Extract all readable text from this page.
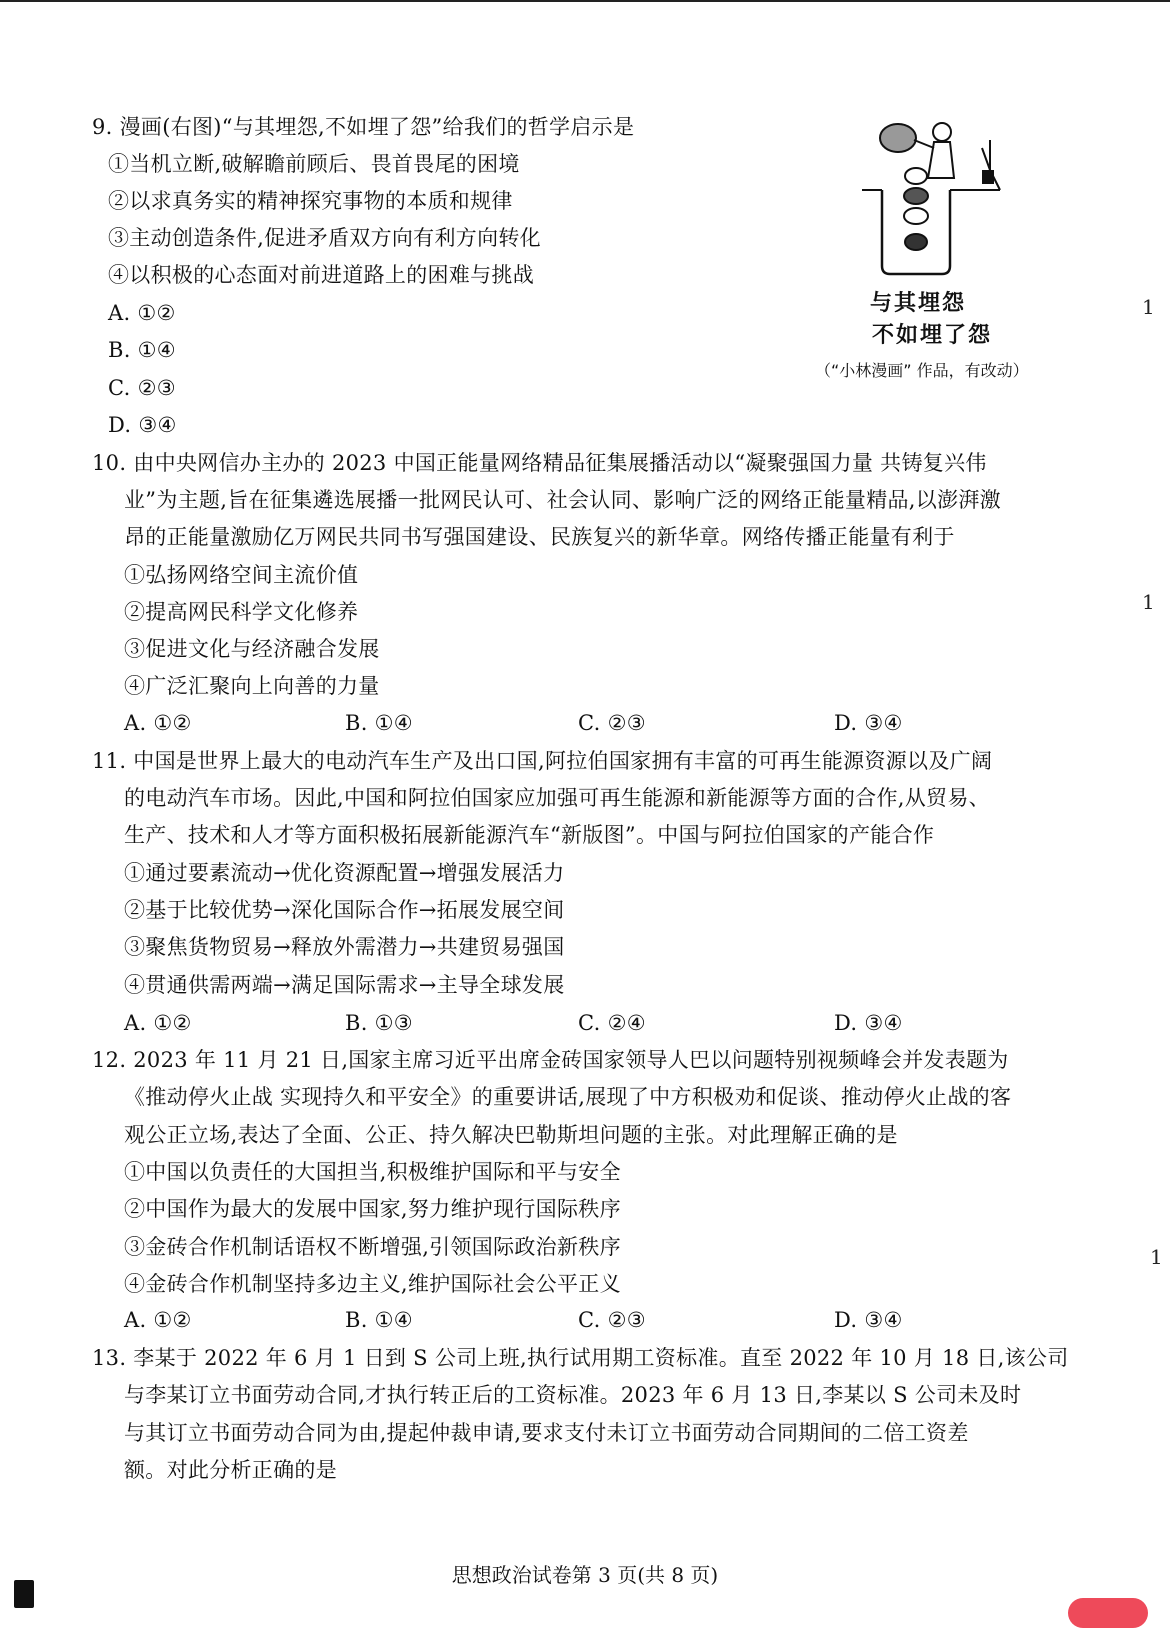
9. 漫画(右图)“与其埋怨,不如埋了怨”给我们的哲学启示是
①当机立断,破解瞻前顾后、畏首畏尾的困境
②以求真务实的精神探究事物的本质和规律
③主动创造条件,促进矛盾双方向有利方向转化
④以积极的心态面对前进道路上的困难与挑战
A. ①②
B. ①④
C. ②③
D. ③④
与其埋怨
不如埋了怨
（“小林漫画” 作品，有改动）
10. 由中央网信办主办的 2023 中国正能量网络精品征集展播活动以“凝聚强国力量 共铸复兴伟
业”为主题,旨在征集遴选展播一批网民认可、社会认同、影响广泛的网络正能量精品,以澎湃激
昂的正能量激励亿万网民共同书写强国建设、民族复兴的新华章。网络传播正能量有利于
①弘扬网络空间主流价值
②提高网民科学文化修养
③促进文化与经济融合发展
④广泛汇聚向上向善的力量
A. ①②	B. ①④	C. ②③	D. ③④
11. 中国是世界上最大的电动汽车生产及出口国,阿拉伯国家拥有丰富的可再生能源资源以及广阔
的电动汽车市场。因此,中国和阿拉伯国家应加强可再生能源和新能源等方面的合作,从贸易、
生产、技术和人才等方面积极拓展新能源汽车“新版图”。中国与阿拉伯国家的产能合作
①通过要素流动→优化资源配置→增强发展活力
②基于比较优势→深化国际合作→拓展发展空间
③聚焦货物贸易→释放外需潜力→共建贸易强国
④贯通供需两端→满足国际需求→主导全球发展
A. ①②	B. ①③	C. ②④	D. ③④
12. 2023 年 11 月 21 日,国家主席习近平出席金砖国家领导人巴以问题特别视频峰会并发表题为
《推动停火止战 实现持久和平安全》的重要讲话,展现了中方积极劝和促谈、推动停火止战的客
观公正立场,表达了全面、公正、持久解决巴勒斯坦问题的主张。对此理解正确的是
①中国以负责任的大国担当,积极维护国际和平与安全
②中国作为最大的发展中国家,努力维护现行国际秩序
③金砖合作机制话语权不断增强,引领国际政治新秩序
④金砖合作机制坚持多边主义,维护国际社会公平正义
A. ①②	B. ①④	C. ②③	D. ③④
13. 李某于 2022 年 6 月 1 日到 S 公司上班,执行试用期工资标准。直至 2022 年 10 月 18 日,该公司
与李某订立书面劳动合同,才执行转正后的工资标准。2023 年 6 月 13 日,李某以 S 公司未及时
与其订立书面劳动合同为由,提起仲裁申请,要求支付未订立书面劳动合同期间的二倍工资差
额。对此分析正确的是
1
1
1
思想政治试卷第 3 页(共 8 页)
